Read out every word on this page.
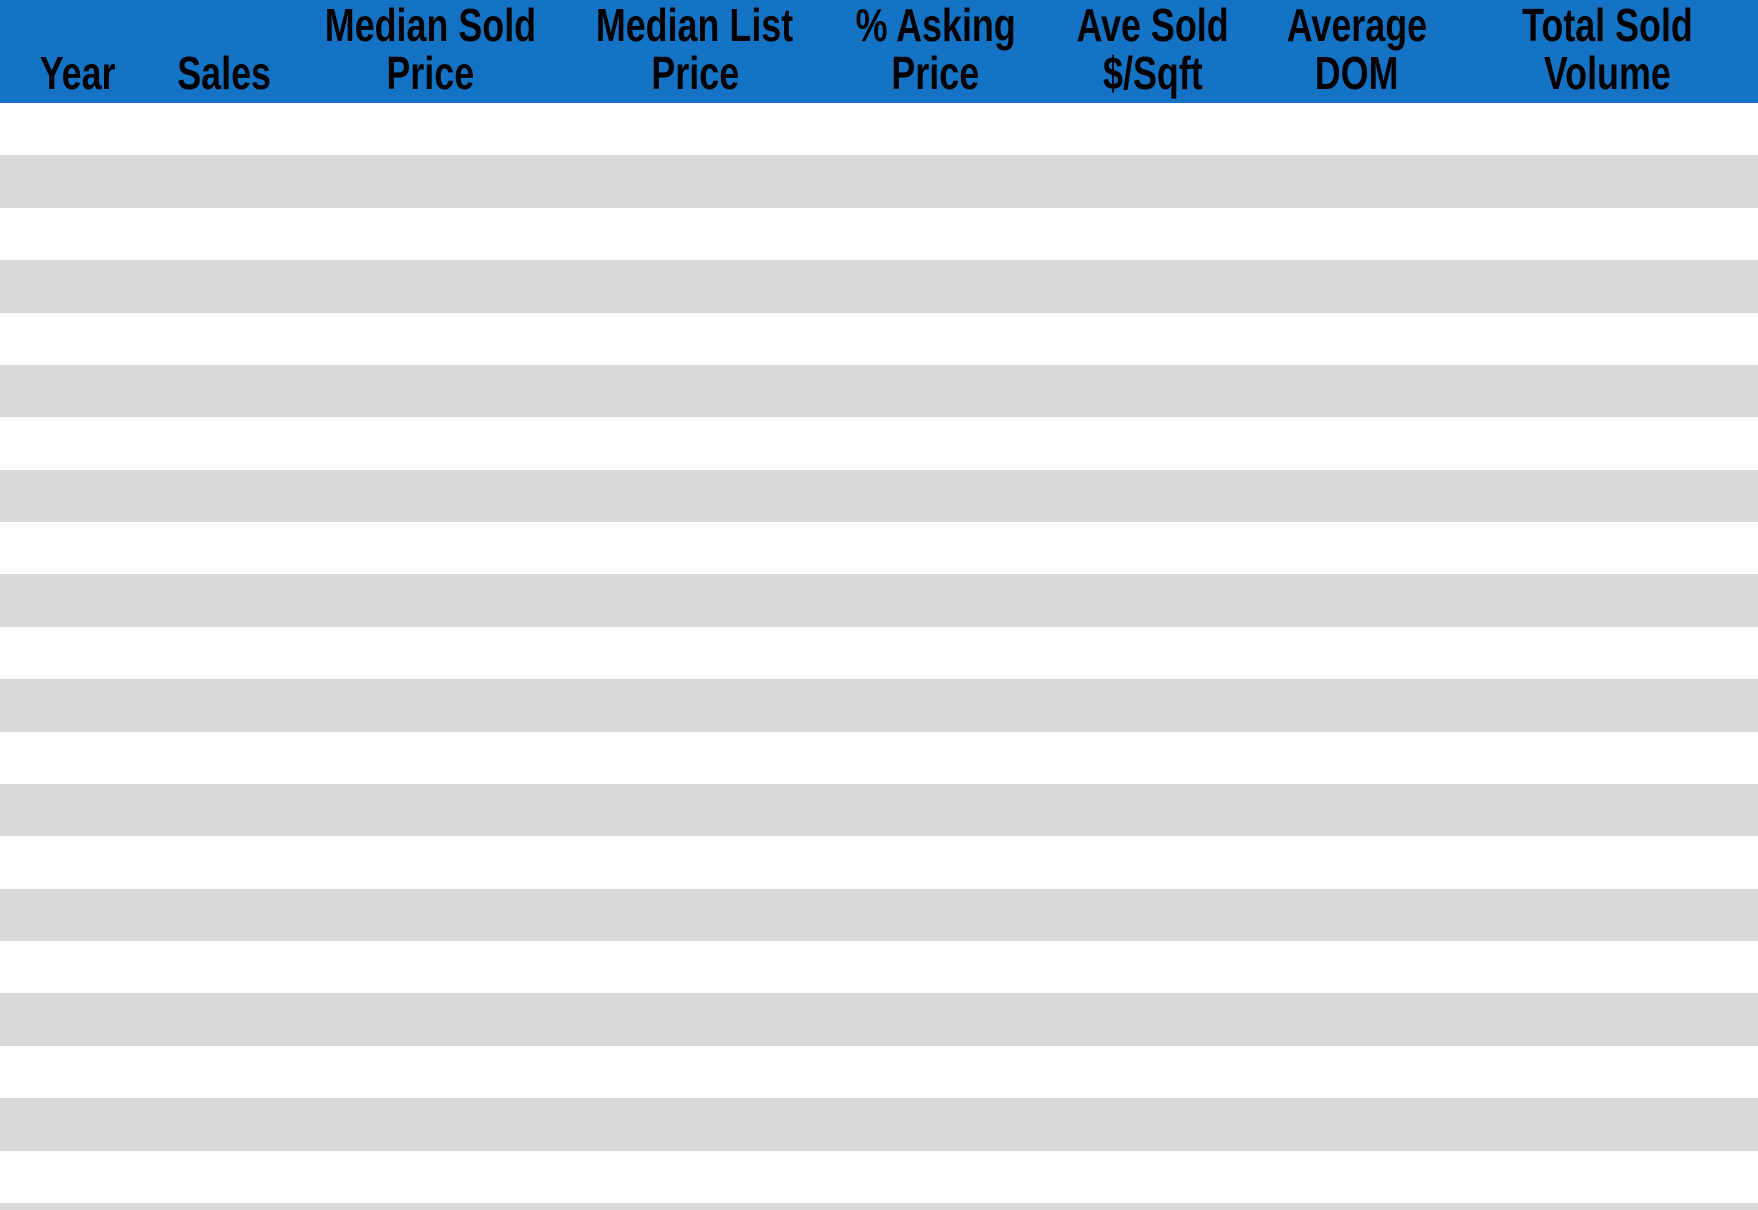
Year Sales
Median Sold
Price
Median List
Price
% Asking
Price
Ave Sold
$/Sqft
Average
DOM
Total Sold
Volume
